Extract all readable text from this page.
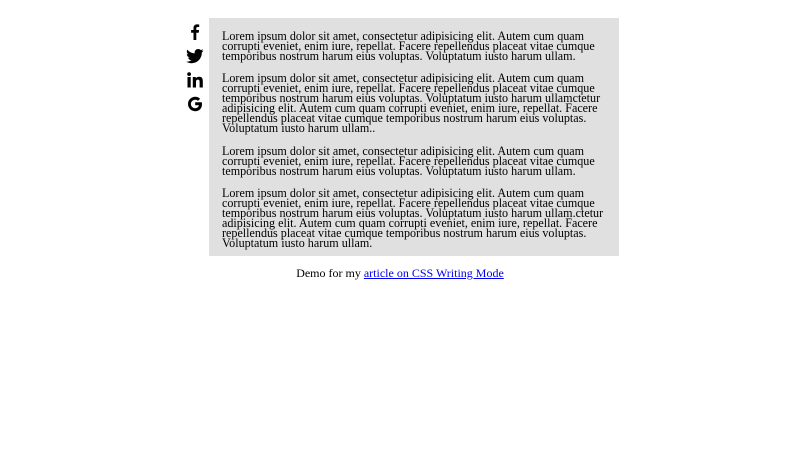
Lorem ipsum dolor sit amet, consectetur adipisicing elit. Autem cum quam corrupti eveniet, enim iure, repellat. Facere repellendus placeat vitae cumque temporibus nostrum harum eius voluptas. Voluptatum iusto harum ullam.

Lorem ipsum dolor sit amet, consectetur adipisicing elit. Autem cum quam corrupti eveniet, enim iure, repellat. Facere repellendus placeat vitae cumque temporibus nostrum harum eius voluptas. Voluptatum iusto harum ullamctetur adipisicing elit. Autem cum quam corrupti eveniet, enim iure, repellat. Facere repellendus placeat vitae cumque temporibus nostrum harum eius voluptas. Voluptatum iusto harum ullam..

Lorem ipsum dolor sit amet, consectetur adipisicing elit. Autem cum quam corrupti eveniet, enim iure, repellat. Facere repellendus placeat vitae cumque temporibus nostrum harum eius voluptas. Voluptatum iusto harum ullam.

Lorem ipsum dolor sit amet, consectetur adipisicing elit. Autem cum quam corrupti eveniet, enim iure, repellat. Facere repellendus placeat vitae cumque temporibus nostrum harum eius voluptas. Voluptatum iusto harum ullam.ctetur adipisicing elit. Autem cum quam corrupti eveniet, enim iure, repellat. Facere repellendus placeat vitae cumque temporibus nostrum harum eius voluptas. Voluptatum iusto harum ullam.

Demo for my article on CSS Writing Mode
